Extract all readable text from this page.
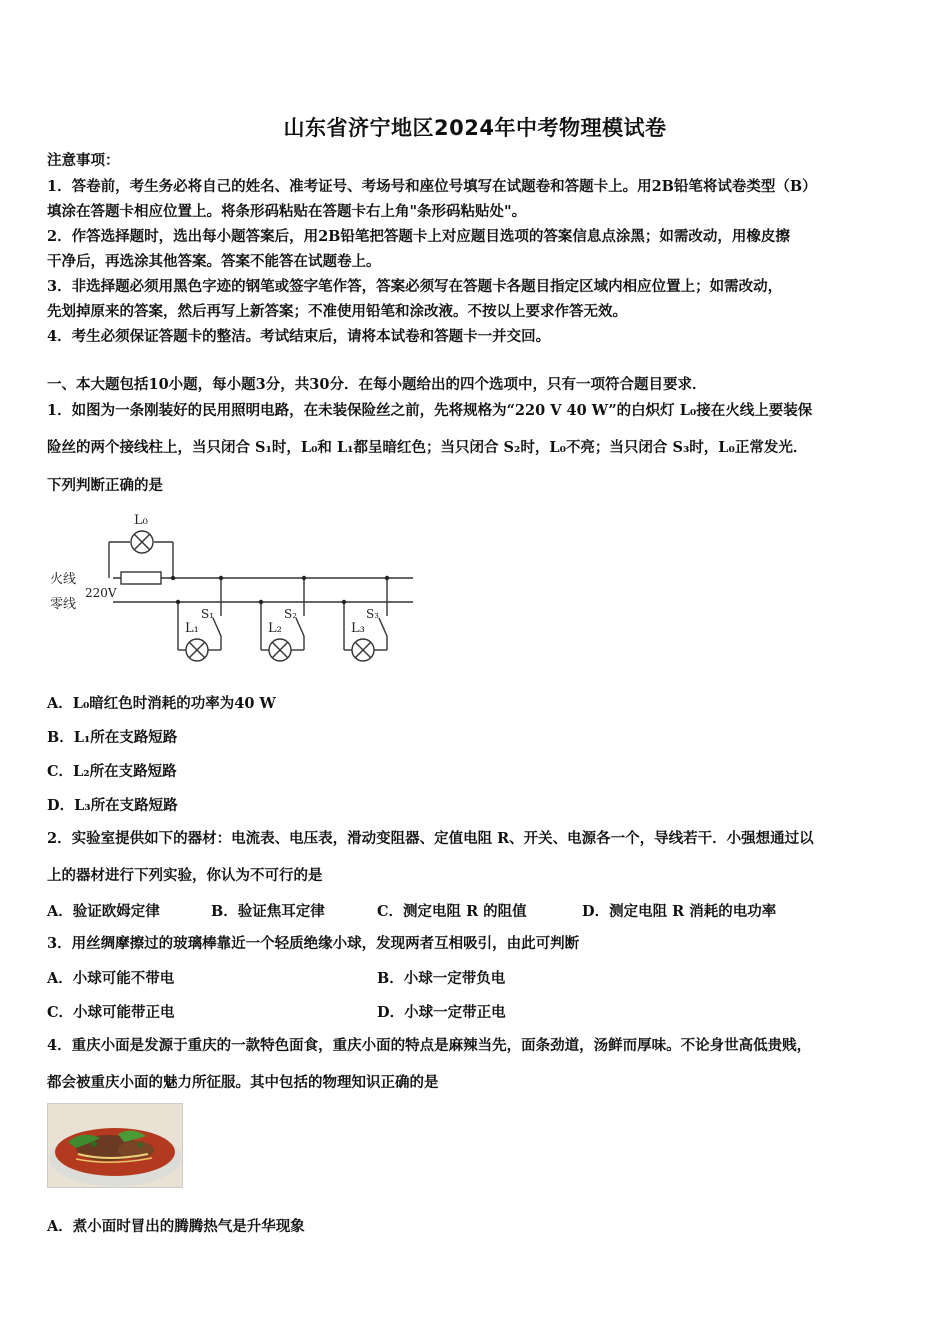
山东省济宁地区2024年中考物理模试卷
注意事项：
1．答卷前，考生务必将自己的姓名、准考证号、考场号和座位号填写在试题卷和答题卡上。用2B铅笔将试卷类型（B）
填涂在答题卡相应位置上。将条形码粘贴在答题卡右上角"条形码粘贴处"。
2．作答选择题时，选出每小题答案后，用2B铅笔把答题卡上对应题目选项的答案信息点涂黑；如需改动，用橡皮擦
干净后，再选涂其他答案。答案不能答在试题卷上。
3．非选择题必须用黑色字迹的钢笔或签字笔作答，答案必须写在答题卡各题目指定区域内相应位置上；如需改动，
先划掉原来的答案，然后再写上新答案；不准使用铅笔和涂改液。不按以上要求作答无效。
4．考生必须保证答题卡的整洁。考试结束后，请将本试卷和答题卡一并交回。
一、本大题包括10小题，每小题3分，共30分．在每小题给出的四个选项中，只有一项符合题目要求．
1．如图为一条刚装好的民用照明电路，在未装保险丝之前，先将规格为“220 V 40 W”的白炽灯 L₀接在火线上要装保
险丝的两个接线柱上，当只闭合 S₁时，L₀和 L₁都呈暗红色；当只闭合 S₂时，L₀不亮；当只闭合 S₃时，L₀正常发光．
下列判断正确的是
L₀
火线
零线
220V
L₁	L₂	L₃
S₁	S₂	S₃
A．L₀暗红色时消耗的功率为40 W
B．L₁所在支路短路
C．L₂所在支路短路
D．L₃所在支路短路
2．实验室提供如下的器材：电流表、电压表，滑动变阻器、定值电阻 R、开关、电源各一个，导线若干．小强想通过以
上的器材进行下列实验，你认为不可行的是
A．验证欧姆定律	B．验证焦耳定律	C．测定电阻 R 的阻值	D．测定电阻 R 消耗的电功率
3．用丝绸摩擦过的玻璃棒靠近一个轻质绝缘小球，发现两者互相吸引，由此可判断
A．小球可能不带电	B．小球一定带负电
C．小球可能带正电	D．小球一定带正电
4．重庆小面是发源于重庆的一款特色面食，重庆小面的特点是麻辣当先，面条劲道，汤鲜而厚味。不论身世高低贵贱，
都会被重庆小面的魅力所征服。其中包括的物理知识正确的是
A．煮小面时冒出的腾腾热气是升华现象
